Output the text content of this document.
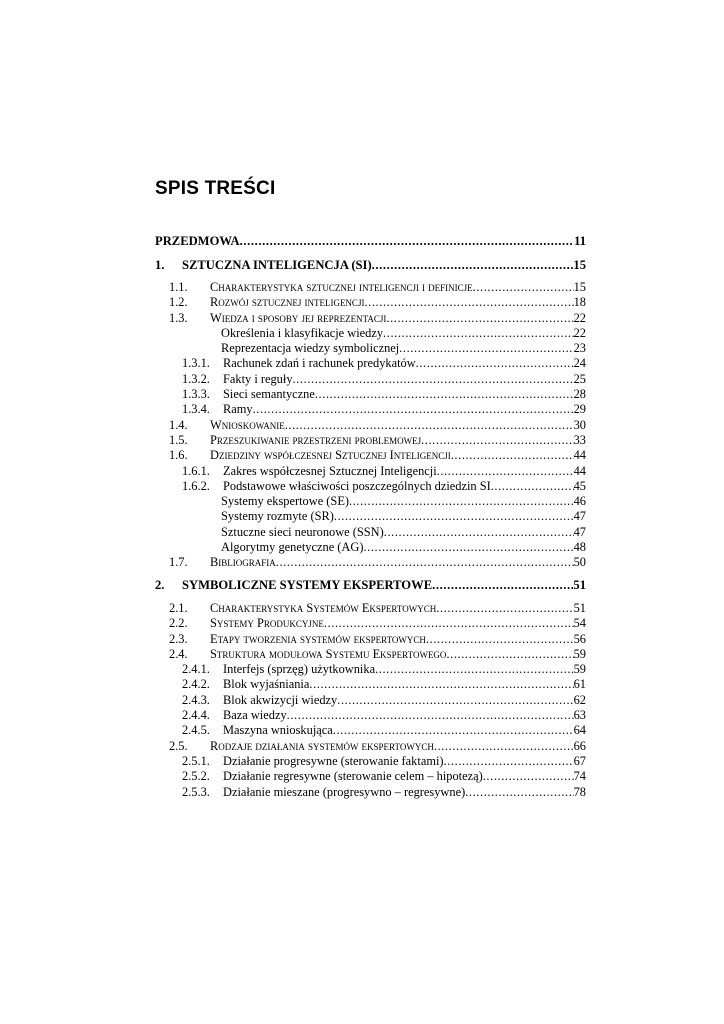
SPIS TREŚCI
PRZEDMOWA .....	11
1.	SZTUCZNA INTELIGENCJA (SI) .....	15
1.1.	Charakterystyka sztucznej inteligencji i definicje .....	15
1.2.	Rozwój sztucznej inteligencji .....	18
1.3.	Wiedza i sposoby jej reprezentacji .....	22
Określenia i klasyfikacje wiedzy .....	22
Reprezentacja wiedzy symbolicznej .....	23
1.3.1.	Rachunek zdań i rachunek predykatów .....	24
1.3.2.	Fakty i reguły .....	25
1.3.3.	Sieci semantyczne .....	28
1.3.4.	Ramy .....	29
1.4.	Wnioskowanie .....	30
1.5.	Przeszukiwanie przestrzeni problemowej .....	33
1.6.	Dziedziny współczesnej Sztucznej Inteligencji .....	44
1.6.1.	Zakres współczesnej Sztucznej Inteligencji .....	44
1.6.2.	Podstawowe właściwości poszczególnych dziedzin SI .....	45
Systemy ekspertowe (SE) .....	46
Systemy rozmyte (SR) .....	47
Sztuczne sieci neuronowe (SSN) .....	47
Algorytmy genetyczne (AG) .....	48
1.7.	Bibliografia .....	50
2.	SYMBOLICZNE SYSTEMY EKSPERTOWE .....	51
2.1.	Charakterystyka Systemów Ekspertowych .....	51
2.2.	Systemy Produkcyjne .....	54
2.3.	Etapy tworzenia systemów ekspertowych .....	56
2.4.	Struktura modułowa Systemu Ekspertowego .....	59
2.4.1.	Interfejs (sprzęg) użytkownika .....	59
2.4.2.	Blok wyjaśniania .....	61
2.4.3.	Blok akwizycji wiedzy .....	62
2.4.4.	Baza wiedzy .....	63
2.4.5.	Maszyna wnioskująca .....	64
2.5.	Rodzaje działania systemów ekspertowych .....	66
2.5.1.	Działanie progresywne (sterowanie faktami) .....	67
2.5.2.	Działanie regresywne (sterowanie celem – hipotezą) .....	74
2.5.3.	Działanie mieszane (progresywno – regresywne) .....	78
